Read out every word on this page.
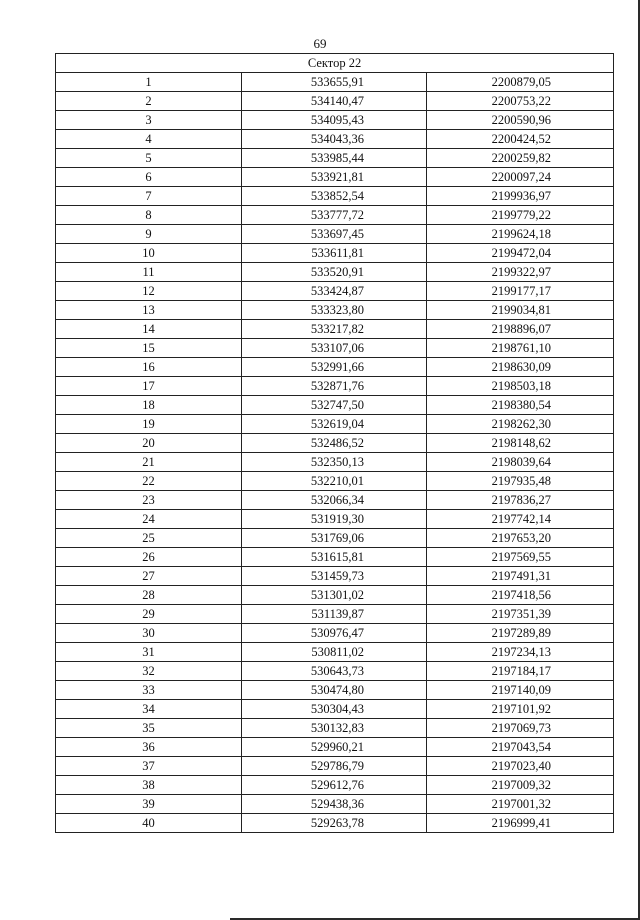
69
Сектор 22		
1	533655,91	2200879,05
2	534140,47	2200753,22
3	534095,43	2200590,96
4	534043,36	2200424,52
5	533985,44	2200259,82
6	533921,81	2200097,24
7	533852,54	2199936,97
8	533777,72	2199779,22
9	533697,45	2199624,18
10	533611,81	2199472,04
11	533520,91	2199322,97
12	533424,87	2199177,17
13	533323,80	2199034,81
14	533217,82	2198896,07
15	533107,06	2198761,10
16	532991,66	2198630,09
17	532871,76	2198503,18
18	532747,50	2198380,54
19	532619,04	2198262,30
20	532486,52	2198148,62
21	532350,13	2198039,64
22	532210,01	2197935,48
23	532066,34	2197836,27
24	531919,30	2197742,14
25	531769,06	2197653,20
26	531615,81	2197569,55
27	531459,73	2197491,31
28	531301,02	2197418,56
29	531139,87	2197351,39
30	530976,47	2197289,89
31	530811,02	2197234,13
32	530643,73	2197184,17
33	530474,80	2197140,09
34	530304,43	2197101,92
35	530132,83	2197069,73
36	529960,21	2197043,54
37	529786,79	2197023,40
38	529612,76	2197009,32
39	529438,36	2197001,32
40	529263,78	2196999,41
